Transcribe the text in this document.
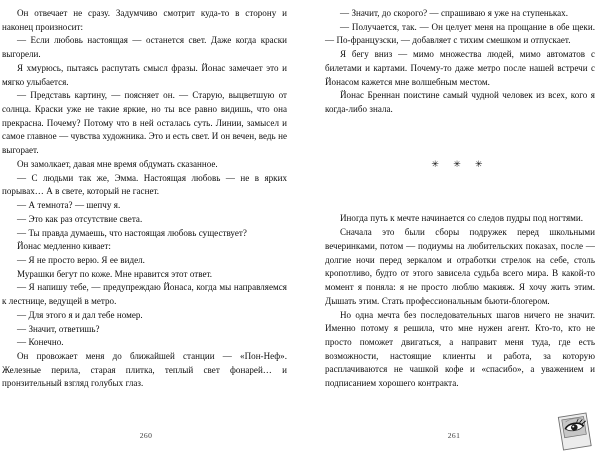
Он отвечает не сразу. Задумчиво смотрит куда-то в сторону и наконец произносит:

— Если любовь настоящая — останется свет. Даже когда краски выгорели.

Я хмурюсь, пытаясь распутать смысл фразы. Йонас замечает это и мягко улыбается.

— Представь картину, — поясняет он. — Старую, выцветшую от солнца. Краски уже не такие яркие, но ты все равно видишь, что она прекрасна. Почему? Потому что в ней осталась суть. Линии, замысел и самое главное — чувства художника. Это и есть свет. И он вечен, ведь не выгорает.

Он замолкает, давая мне время обдумать сказанное.

— С людьми так же, Эмма. Настоящая любовь — не в ярких порывах… А в свете, который не гаснет.

— А темнота? — шепчу я.

— Это как раз отсутствие света.

— Ты правда думаешь, что настоящая любовь существует?

Йонас медленно кивает:

— Я не просто верю. Я ее видел.

Мурашки бегут по коже. Мне нравится этот ответ.

— Я напишу тебе, — предупреждаю Йонаса, когда мы направляемся к лестнице, ведущей в метро.

— Для этого я и дал тебе номер.

— Значит, ответишь?

— Конечно.

Он провожает меня до ближайшей станции — «Пон-Неф». Железные перила, старая плитка, теплый свет фонарей… и пронзительный взгляд голубых глаз.

260

— Значит, до скорого? — спрашиваю я уже на ступеньках.

— Получается, так. — Он целует меня на прощание в обе щеки. — По-французски, — добавляет с тихим смешком и отпускает.

Я бегу вниз — мимо множества людей, мимо автоматов с билетами и картами. Почему-то даже метро после нашей встречи с Йонасом кажется мне волшебным местом.

Йонас Бреннан поистине самый чудной человек из всех, кого я когда-либо знала.

✳ ✳ ✳

Иногда путь к мечте начинается со следов пудры под ногтями.

Сначала это были сборы подружек перед школьными вечеринками, потом — подиумы на любительских показах, после — долгие ночи перед зеркалом и отработки стрелок на себе, столь кропотливо, будто от этого зависела судьба всего мира. В какой-то момент я поняла: я не просто люблю макияж. Я хочу жить этим. Дышать этим. Стать профессиональным бьюти-блогером.

Но одна мечта без последовательных шагов ничего не значит. Именно потому я решила, что мне нужен агент. Кто-то, кто не просто поможет двигаться, а направит меня туда, где есть возможности, настоящие клиенты и работа, за которую расплачиваются не чашкой кофе и «спасибо», а уважением и подписанием хорошего контракта.

261
